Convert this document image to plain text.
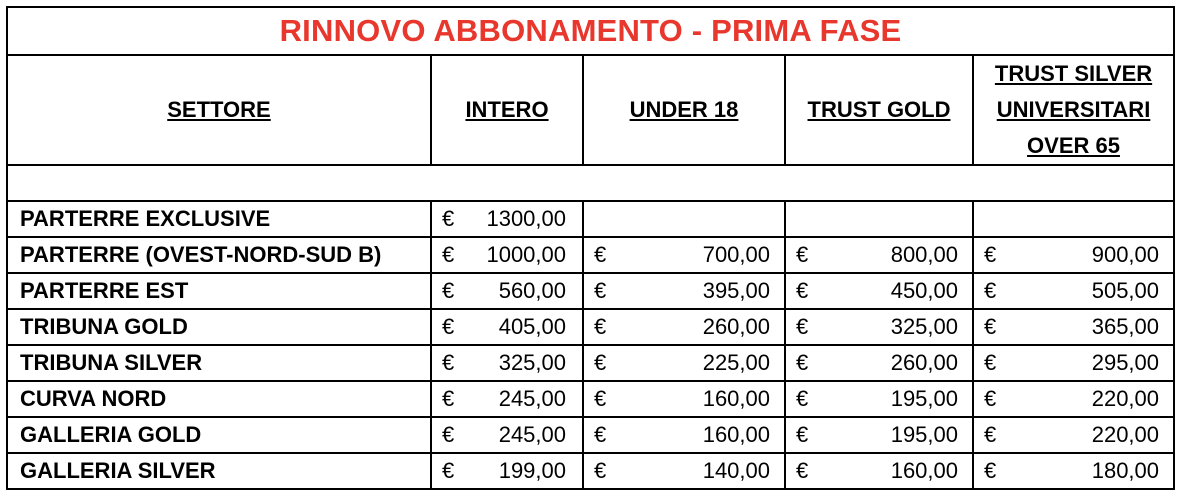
RINNOVO ABBONAMENTO - PRIMA FASE				
SETTORE	INTERO	UNDER 18	TRUST GOLD	TRUST SILVER
UNIVERSITARI
OVER 65

PARTERRE EXCLUSIVE	€ 1300,00			

PARTERRE (OVEST-NORD-SUD B)	€ 1000,00	€ 700,00	€ 800,00	€ 900,00

PARTERRE EST	€ 560,00	€ 395,00	€ 450,00	€ 505,00

TRIBUNA GOLD	€ 405,00	€ 260,00	€ 325,00	€ 365,00

TRIBUNA SILVER	€ 325,00	€ 225,00	€ 260,00	€ 295,00

CURVA NORD	€ 245,00	€ 160,00	€ 195,00	€ 220,00

GALLERIA GOLD	€ 245,00	€ 160,00	€ 195,00	€ 220,00

GALLERIA SILVER	€ 199,00	€ 140,00	€ 160,00	€ 180,00
